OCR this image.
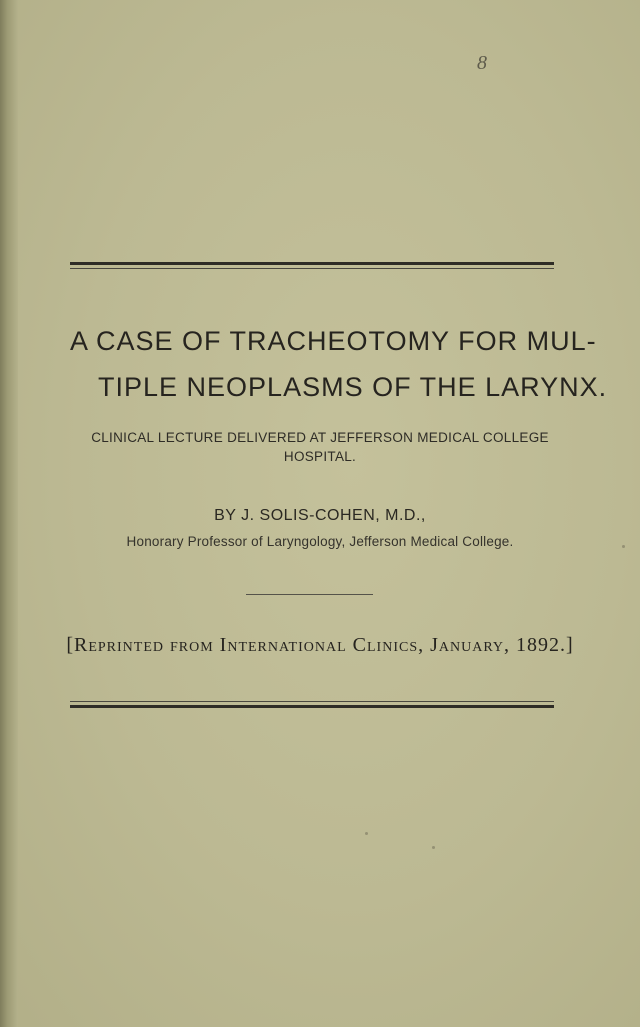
8
A CASE OF TRACHEOTOMY FOR MUL-
TIPLE NEOPLASMS OF THE LARYNX.
CLINICAL LECTURE DELIVERED AT JEFFERSON MEDICAL COLLEGE
HOSPITAL.
BY J. SOLIS-COHEN, M.D.,
Honorary Professor of Laryngology, Jefferson Medical College.
[Reprinted from International Clinics, January, 1892.]
